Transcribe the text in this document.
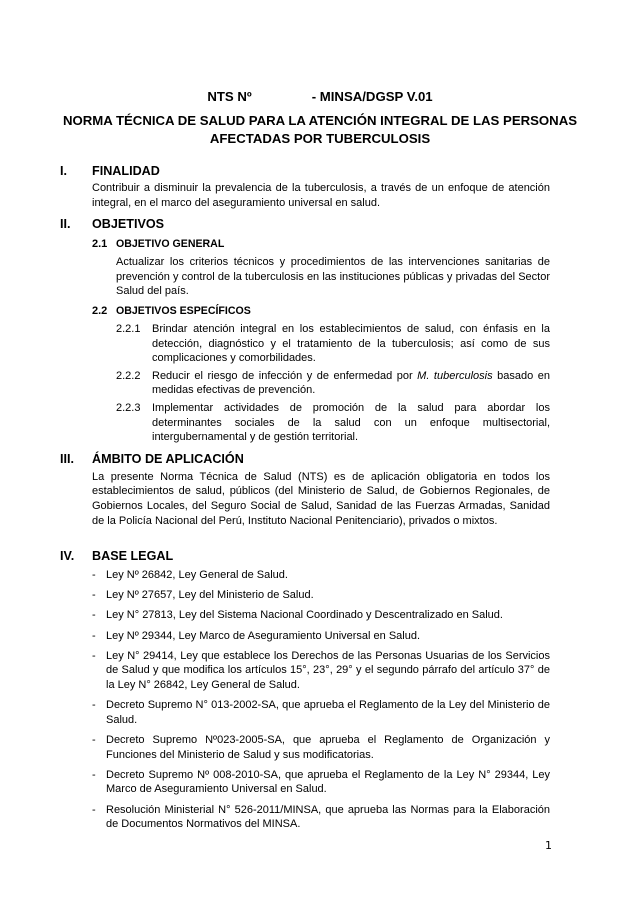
NTS Nº	- MINSA/DGSP V.01

NORMA TÉCNICA DE SALUD PARA LA ATENCIÓN INTEGRAL DE LAS PERSONAS AFECTADAS POR TUBERCULOSIS

I.	FINALIDAD

Contribuir a disminuir la prevalencia de la tuberculosis, a través de un enfoque de atención integral, en el marco del aseguramiento universal en salud.

II.	OBJETIVOS
2.1 OBJETIVO GENERAL

Actualizar los criterios técnicos y procedimientos de las intervenciones sanitarias de prevención y control de la tuberculosis en las instituciones públicas y privadas del Sector Salud del país.

2.2 OBJETIVOS ESPECÍFICOS
2.2.1	Brindar atención integral en los establecimientos de salud, con énfasis en la detección, diagnóstico y el tratamiento de la tuberculosis; así como de sus complicaciones y comorbilidades.
2.2.2	Reducir el riesgo de infección y de enfermedad por M. tuberculosis basado en medidas efectivas de prevención.
2.2.3	Implementar actividades de promoción de la salud para abordar los determinantes sociales de la salud con un enfoque multisectorial, intergubernamental y de gestión territorial.
III.	ÁMBITO DE APLICACIÓN

La presente Norma Técnica de Salud (NTS) es de aplicación obligatoria en todos los establecimientos de salud, públicos (del Ministerio de Salud, de Gobiernos Regionales, de Gobiernos Locales, del Seguro Social de Salud, Sanidad de las Fuerzas Armadas, Sanidad de la Policía Nacional del Perú, Instituto Nacional Penitenciario), privados o mixtos.

IV.	BASE LEGAL
- Ley Nº 26842, Ley General de Salud.
- Ley Nº 27657, Ley del Ministerio de Salud.
- Ley N° 27813, Ley del Sistema Nacional Coordinado y Descentralizado en Salud.
- Ley Nº 29344, Ley Marco de Aseguramiento Universal en Salud.
- Ley N° 29414, Ley que establece los Derechos de las Personas Usuarias de los Servicios de Salud y que modifica los artículos 15°, 23°, 29° y el segundo párrafo del artículo 37° de la Ley N° 26842, Ley General de Salud.
- Decreto Supremo N° 013-2002-SA, que aprueba el Reglamento de la Ley del Ministerio de Salud.
- Decreto Supremo Nº023-2005-SA, que aprueba el Reglamento de Organización y Funciones del Ministerio de Salud y sus modificatorias.
- Decreto Supremo Nº 008-2010-SA, que aprueba el Reglamento de la Ley N° 29344, Ley Marco de Aseguramiento Universal en Salud.
- Resolución Ministerial N° 526-2011/MINSA, que aprueba las Normas para la Elaboración de Documentos Normativos del MINSA.
1
